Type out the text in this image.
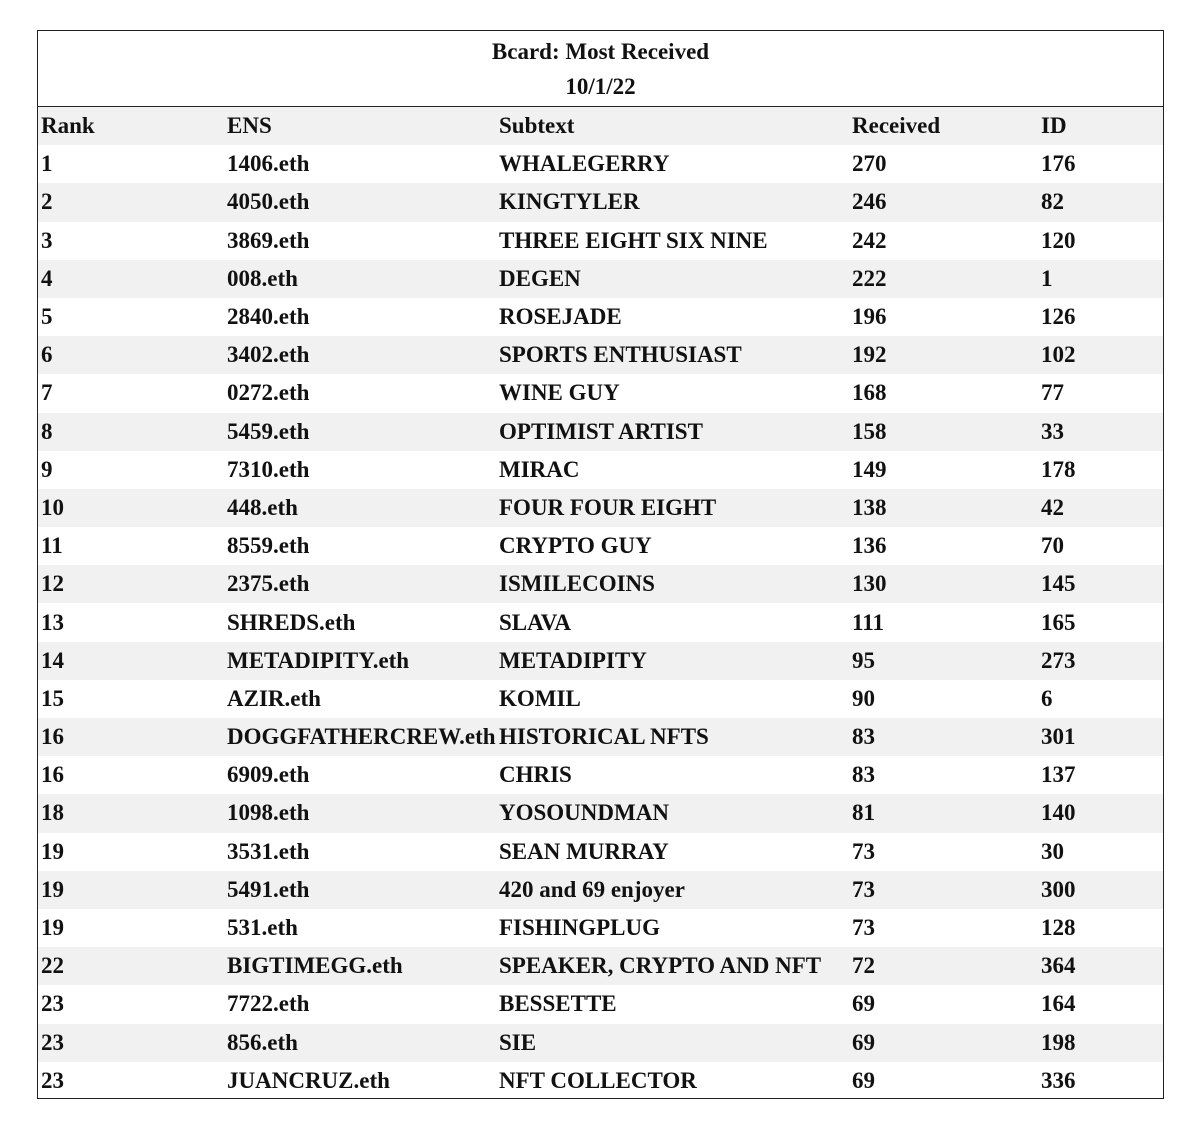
Bcard: Most Received
10/1/22
Rank	ENS	Subtext	Received	ID
1	1406.eth	WHALEGERRY	270	176
2	4050.eth	KINGTYLER	246	82
3	3869.eth	THREE EIGHT SIX NINE	242	120
4	008.eth	DEGEN	222	1
5	2840.eth	ROSEJADE	196	126
6	3402.eth	SPORTS ENTHUSIAST	192	102
7	0272.eth	WINE GUY	168	77
8	5459.eth	OPTIMIST ARTIST	158	33
9	7310.eth	MIRAC	149	178
10	448.eth	FOUR FOUR EIGHT	138	42
11	8559.eth	CRYPTO GUY	136	70
12	2375.eth	ISMILECOINS	130	145
13	SHREDS.eth	SLAVA	111	165
14	METADIPITY.eth	METADIPITY	95	273
15	AZIR.eth	KOMIL	90	6
16	DOGGFATHERCREW.eth	HISTORICAL NFTS	83	301
16	6909.eth	CHRIS	83	137
18	1098.eth	YOSOUNDMAN	81	140
19	3531.eth	SEAN MURRAY	73	30
19	5491.eth	420 and 69 enjoyer	73	300
19	531.eth	FISHINGPLUG	73	128
22	BIGTIMEGG.eth	SPEAKER, CRYPTO AND NFT	72	364
23	7722.eth	BESSETTE	69	164
23	856.eth	SIE	69	198
23	JUANCRUZ.eth	NFT COLLECTOR	69	336
